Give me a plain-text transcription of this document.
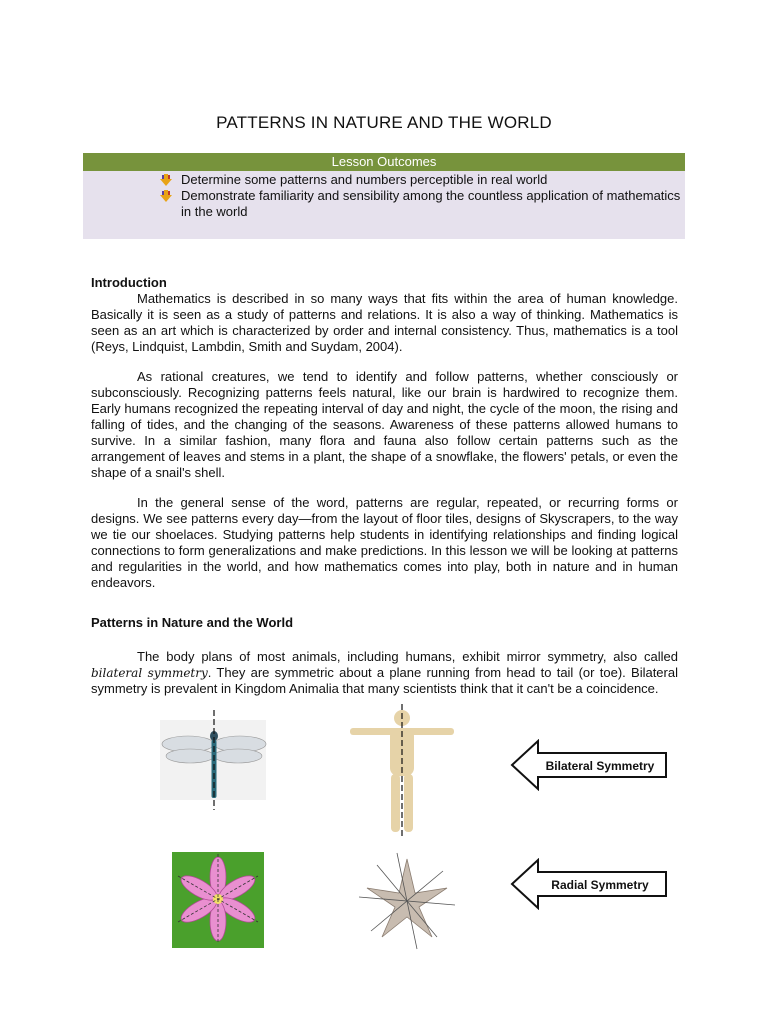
PATTERNS IN NATURE AND THE WORLD
Lesson Outcomes
Determine some patterns and numbers perceptible in real world
Demonstrate familiarity and sensibility among the countless application of mathematics in the world
Introduction

Mathematics is described in so many ways that fits within the area of human knowledge. Basically it is seen as a study of patterns and relations. It is also a way of thinking. Mathematics is seen as an art which is characterized by order and internal consistency. Thus, mathematics is a tool (Reys, Lindquist, Lambdin, Smith and Suydam, 2004).

As rational creatures, we tend to identify and follow patterns, whether consciously or subconsciously. Recognizing patterns feels natural, like our brain is hardwired to recognize them. Early humans recognized the repeating interval of day and night, the cycle of the moon, the rising and falling of tides, and the changing of the seasons. Awareness of these patterns allowed humans to survive. In a similar fashion, many flora and fauna also follow certain patterns such as the arrangement of leaves and stems in a plant, the shape of a snowflake, the flowers' petals, or even the shape of a snail's shell.

In the general sense of the word, patterns are regular, repeated, or recurring forms or designs. We see patterns every day—from the layout of floor tiles, designs of Skyscrapers, to the way we tie our shoelaces. Studying patterns help students in identifying relationships and finding logical connections to form generalizations and make predictions. In this lesson we will be looking at patterns and regularities in the world, and how mathematics comes into play, both in nature and in human endeavors.

Patterns in Nature and the World

The body plans of most animals, including humans, exhibit mirror symmetry, also called bilateral symmetry. They are symmetric about a plane running from head to tail (or toe). Bilateral symmetry is prevalent in Kingdom Animalia that many scientists think that it can't be a coincidence.

Bilateral Symmetry
Radial Symmetry
